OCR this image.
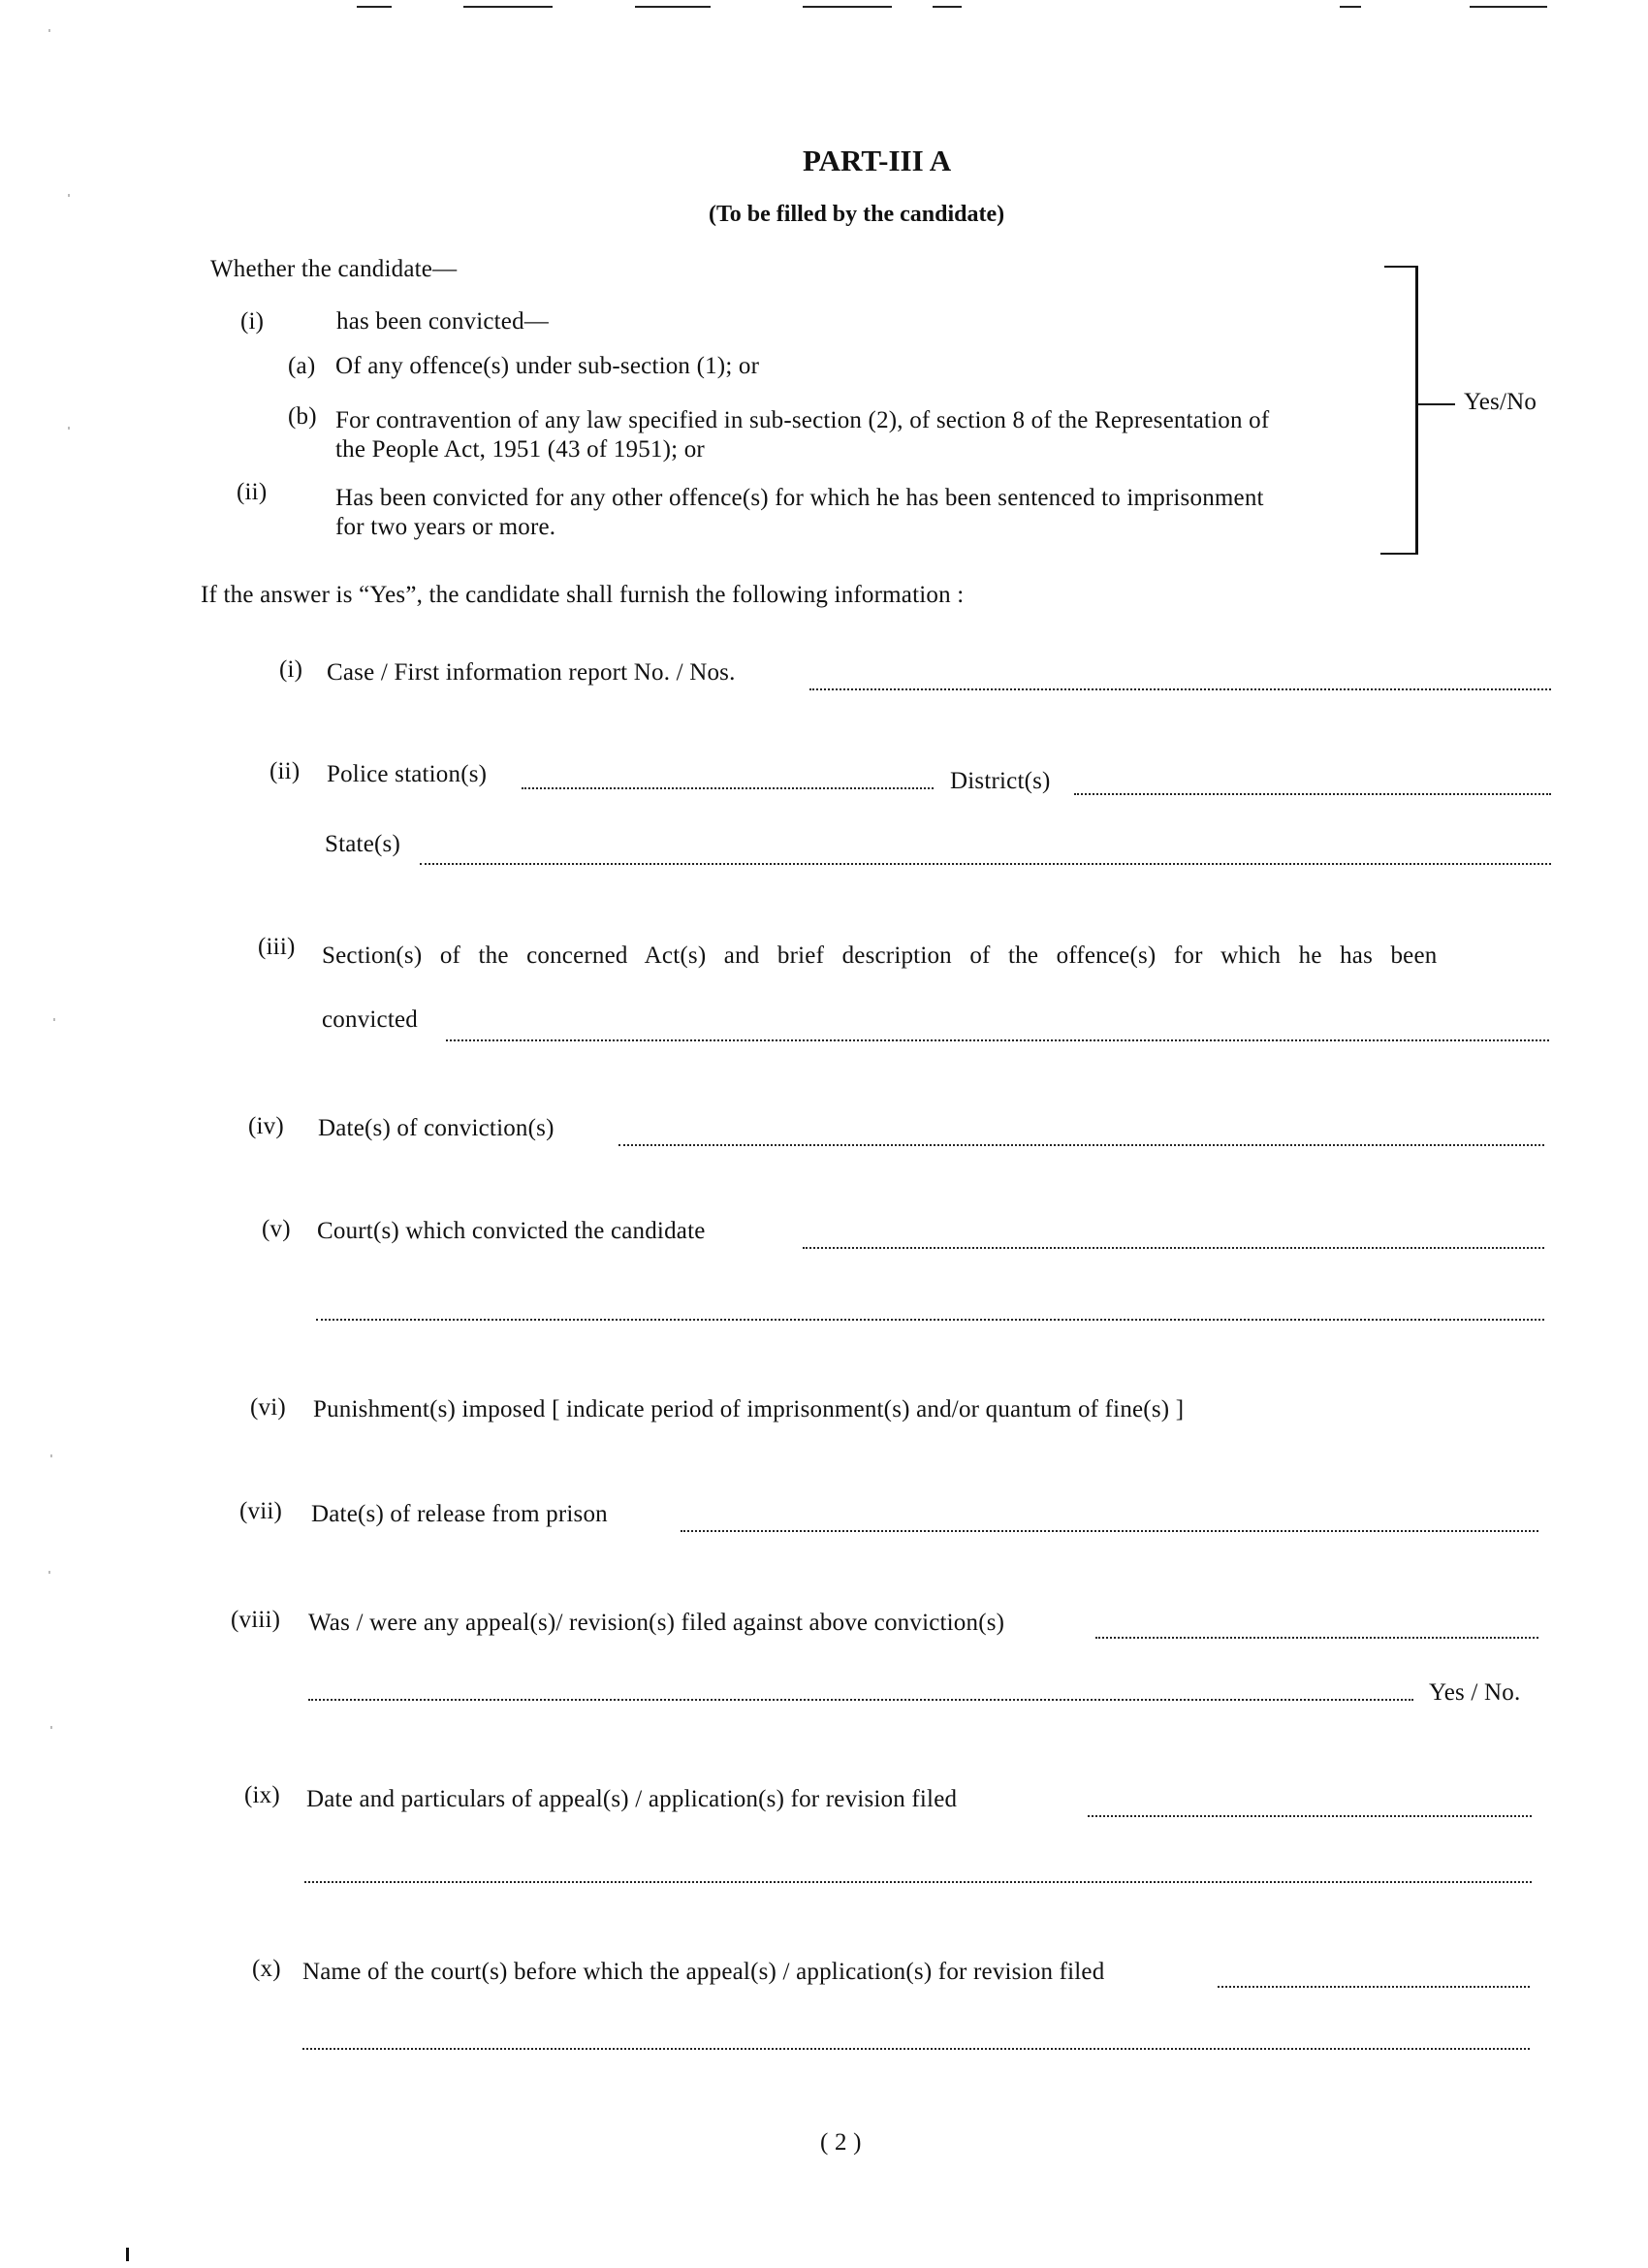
PART-III A
(To be filled by the candidate)
Whether the candidate—
(i)	has been convicted—
(a) Of any offence(s) under sub-section (1); or
(b) For contravention of any law specified in sub-section (2), of section 8 of the Representation of
the People Act, 1951 (43 of 1951); or
(ii)	Has been convicted for any other offence(s) for which he has been sentenced to imprisonment
for two years or more.
Yes/No
If the answer is “Yes”, the candidate shall furnish the following information :
(i) Case / First information report No. / Nos.
(ii) Police station(s)	District(s)
State(s)
(iii) Section(s) of the concerned Act(s) and brief description of the offence(s) for which he has been
convicted
(iv) Date(s) of conviction(s)
(v) Court(s) which convicted the candidate
(vi) Punishment(s) imposed [ indicate period of imprisonment(s) and/or quantum of fine(s) ]
(vii) Date(s) of release from prison
(viii) Was / were any appeal(s)/ revision(s) filed against above conviction(s)
Yes / No.
(ix) Date and particulars of appeal(s) / application(s) for revision filed
(x) Name of the court(s) before which the appeal(s) / application(s) for revision filed
( 2 )
